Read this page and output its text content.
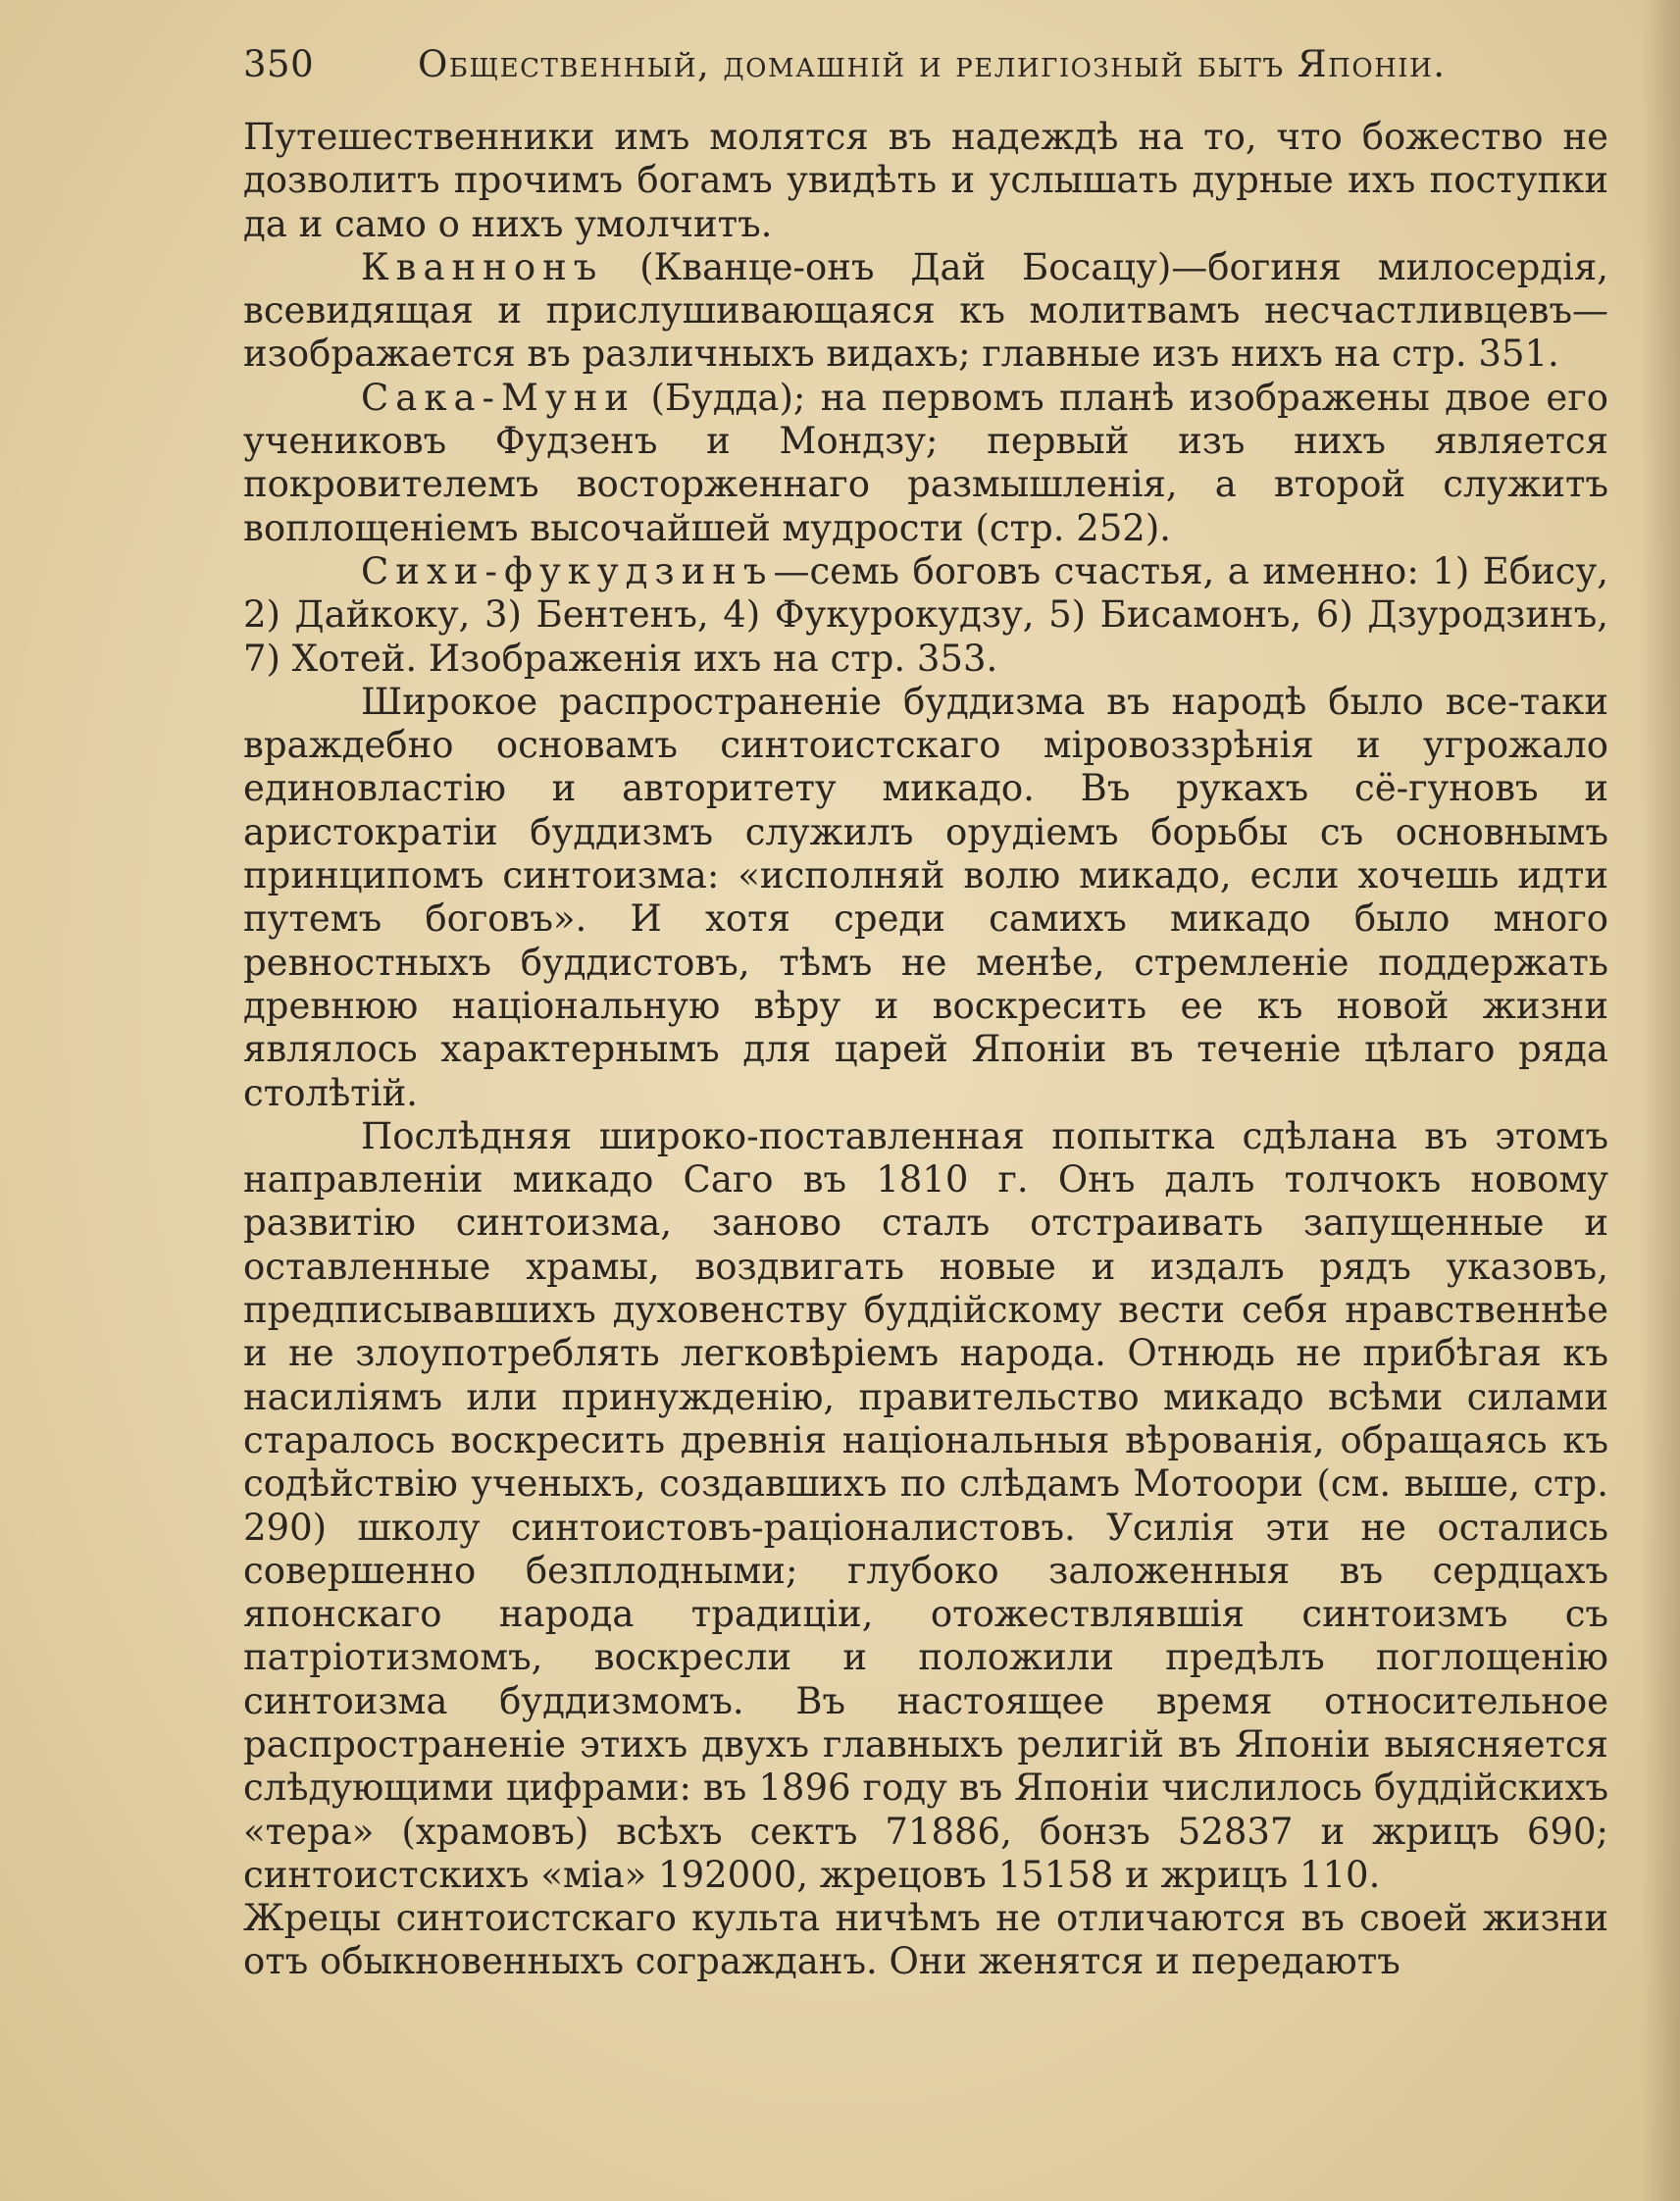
350	Общественный, домашній и религіозный бытъ Японіи.

Путешественники имъ молятся въ надеждѣ на то, что божество не дозволитъ прочимъ богамъ увидѣть и услышать дурные ихъ поступки да и само о нихъ умолчитъ.

Кваннонъ (Кванце-онъ Дай Босацу)—богиня милосердія, всевидящая и прислушивающаяся къ молитвамъ несчастливцевъ—изображается въ различныхъ видахъ; главные изъ нихъ на стр. 351.

Сака-Муни (Будда); на первомъ планѣ изображены двое его учениковъ Фудзенъ и Мондзу; первый изъ нихъ является покровителемъ восторженнаго размышленія, а второй служитъ воплощеніемъ высочайшей мудрости (стр. 252).

Сихи-фукудзинъ—семь боговъ счастья, а именно: 1) Ебису, 2) Дайкоку, 3) Бентенъ, 4) Фукурокудзу, 5) Бисамонъ, 6) Дзуродзинъ, 7) Хотей. Изображенія ихъ на стр. 353.

Широкое распространеніе буддизма въ народѣ было все-таки враждебно основамъ синтоистскаго міровоззрѣнія и угрожало единовластію и авторитету микадо. Въ рукахъ сё-гуновъ и аристократіи буддизмъ служилъ орудіемъ борьбы съ основнымъ принципомъ синтоизма: «исполняй волю микадо, если хочешь идти путемъ боговъ». И хотя среди самихъ микадо было много ревностныхъ буддистовъ, тѣмъ не менѣе, стремленіе поддержать древнюю національную вѣру и воскресить ее къ новой жизни являлось характернымъ для царей Японіи въ теченіе цѣлаго ряда столѣтій.

Послѣдняя широко-поставленная попытка сдѣлана въ этомъ направленіи микадо Саго въ 1810 г. Онъ далъ толчокъ новому развитію синтоизма, заново сталъ отстраивать запущенные и оставленные храмы, воздвигать новые и издалъ рядъ указовъ, предписывавшихъ духовенству буддійскому вести себя нравственнѣе и не злоупотреблять легковѣріемъ народа. Отнюдь не прибѣгая къ насиліямъ или принужденію, правительство микадо всѣми силами старалось воскресить древнія національныя вѣрованія, обращаясь къ содѣйствію ученыхъ, создавшихъ по слѣдамъ Мотоори (см. выше, стр. 290) школу синтоистовъ-раціоналистовъ. Усилія эти не остались совершенно безплодными; глубоко заложенныя въ сердцахъ японскаго народа традиціи, отожествлявшія синтоизмъ съ патріотизмомъ, воскресли и положили предѣлъ поглощенію синтоизма буддизмомъ. Въ настоящее время относительное распространеніе этихъ двухъ главныхъ религій въ Японіи выясняется слѣдующими цифрами: въ 1896 году въ Японіи числилось буддійскихъ «тера» (храмовъ) всѣхъ сектъ 71886, бонзъ 52837 и жрицъ 690; синтоистскихъ «міа» 192000, жрецовъ 15158 и жрицъ 110.

Жрецы синтоистскаго культа ничѣмъ не отличаются въ своей жизни отъ обыкновенныхъ согражданъ. Они женятся и передаютъ
